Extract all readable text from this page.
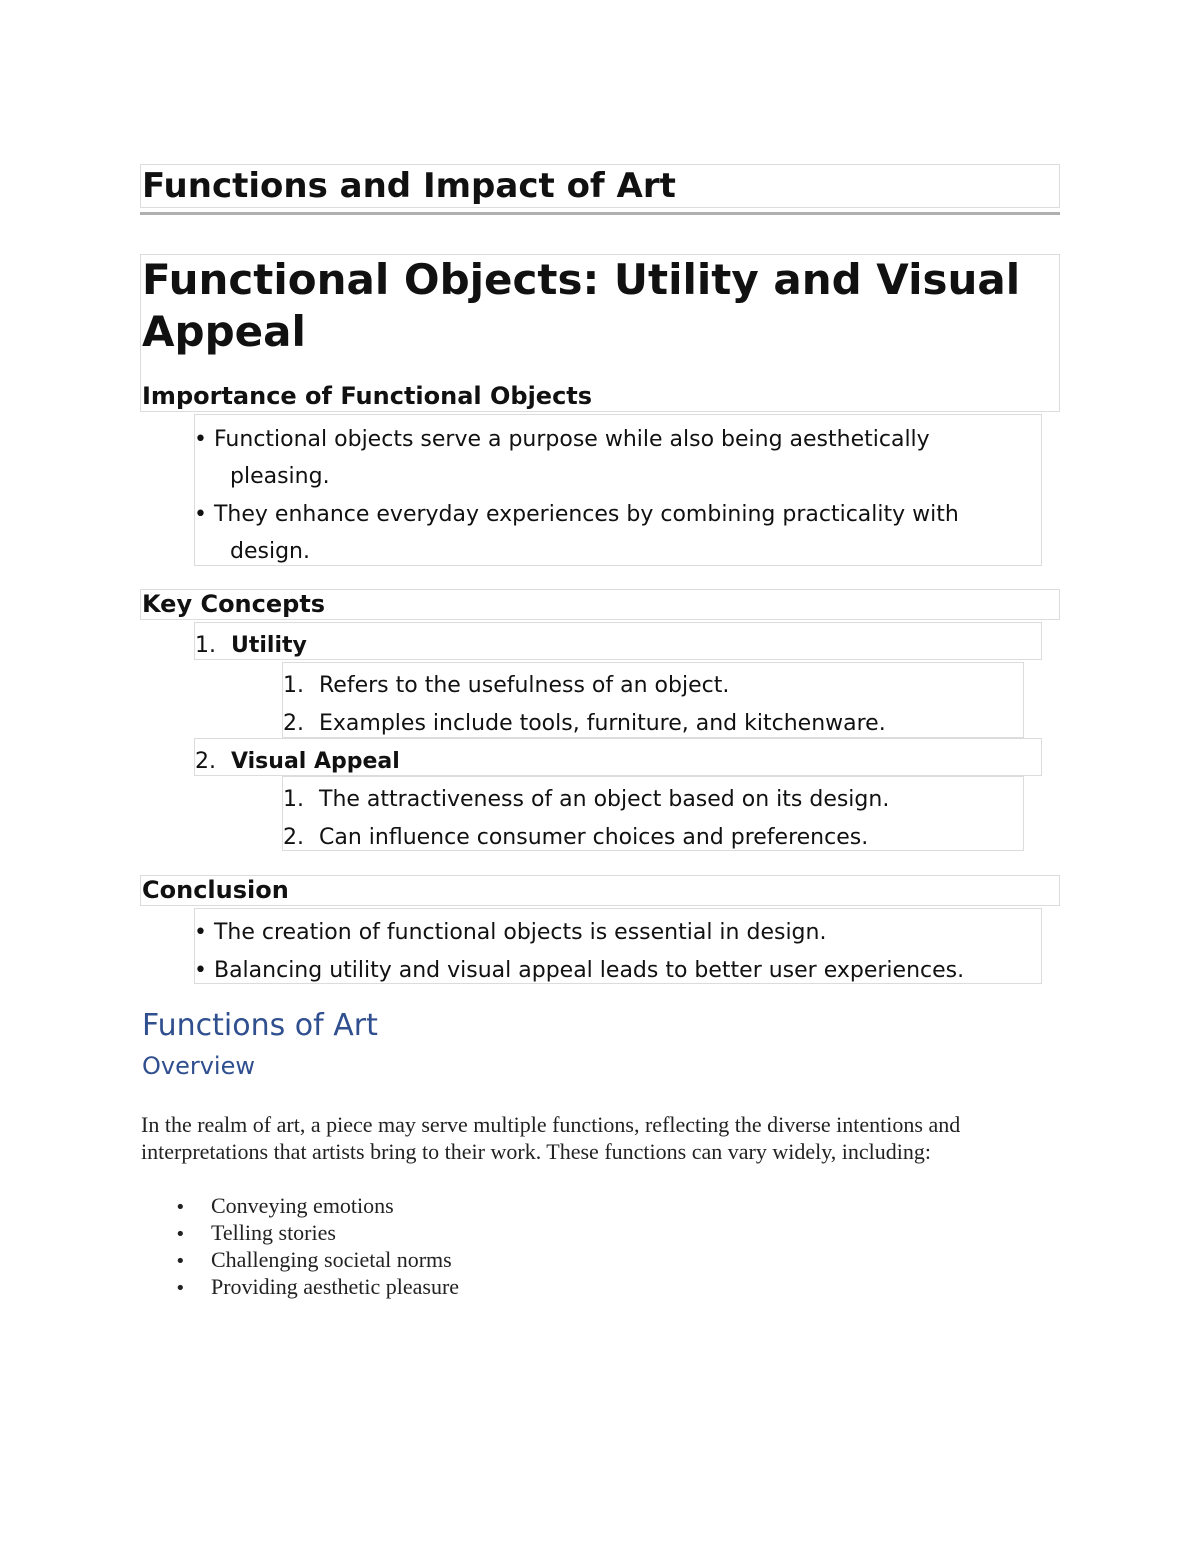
Functions and Impact of Art
Functional Objects: Utility and Visual Appeal
Importance of Functional Objects
• Functional objects serve a purpose while also being aesthetically
pleasing.
• They enhance everyday experiences by combining practicality with
design.
Key Concepts
1. Utility
1. Refers to the usefulness of an object.
2. Examples include tools, furniture, and kitchenware.
2. Visual Appeal
1. The attractiveness of an object based on its design.
2. Can influence consumer choices and preferences.
Conclusion
• The creation of functional objects is essential in design.
• Balancing utility and visual appeal leads to better user experiences.
Functions of Art
Overview
In the realm of art, a piece may serve multiple functions, reflecting the diverse intentions and interpretations that artists bring to their work. These functions can vary widely, including:
• Conveying emotions
• Telling stories
• Challenging societal norms
• Providing aesthetic pleasure
